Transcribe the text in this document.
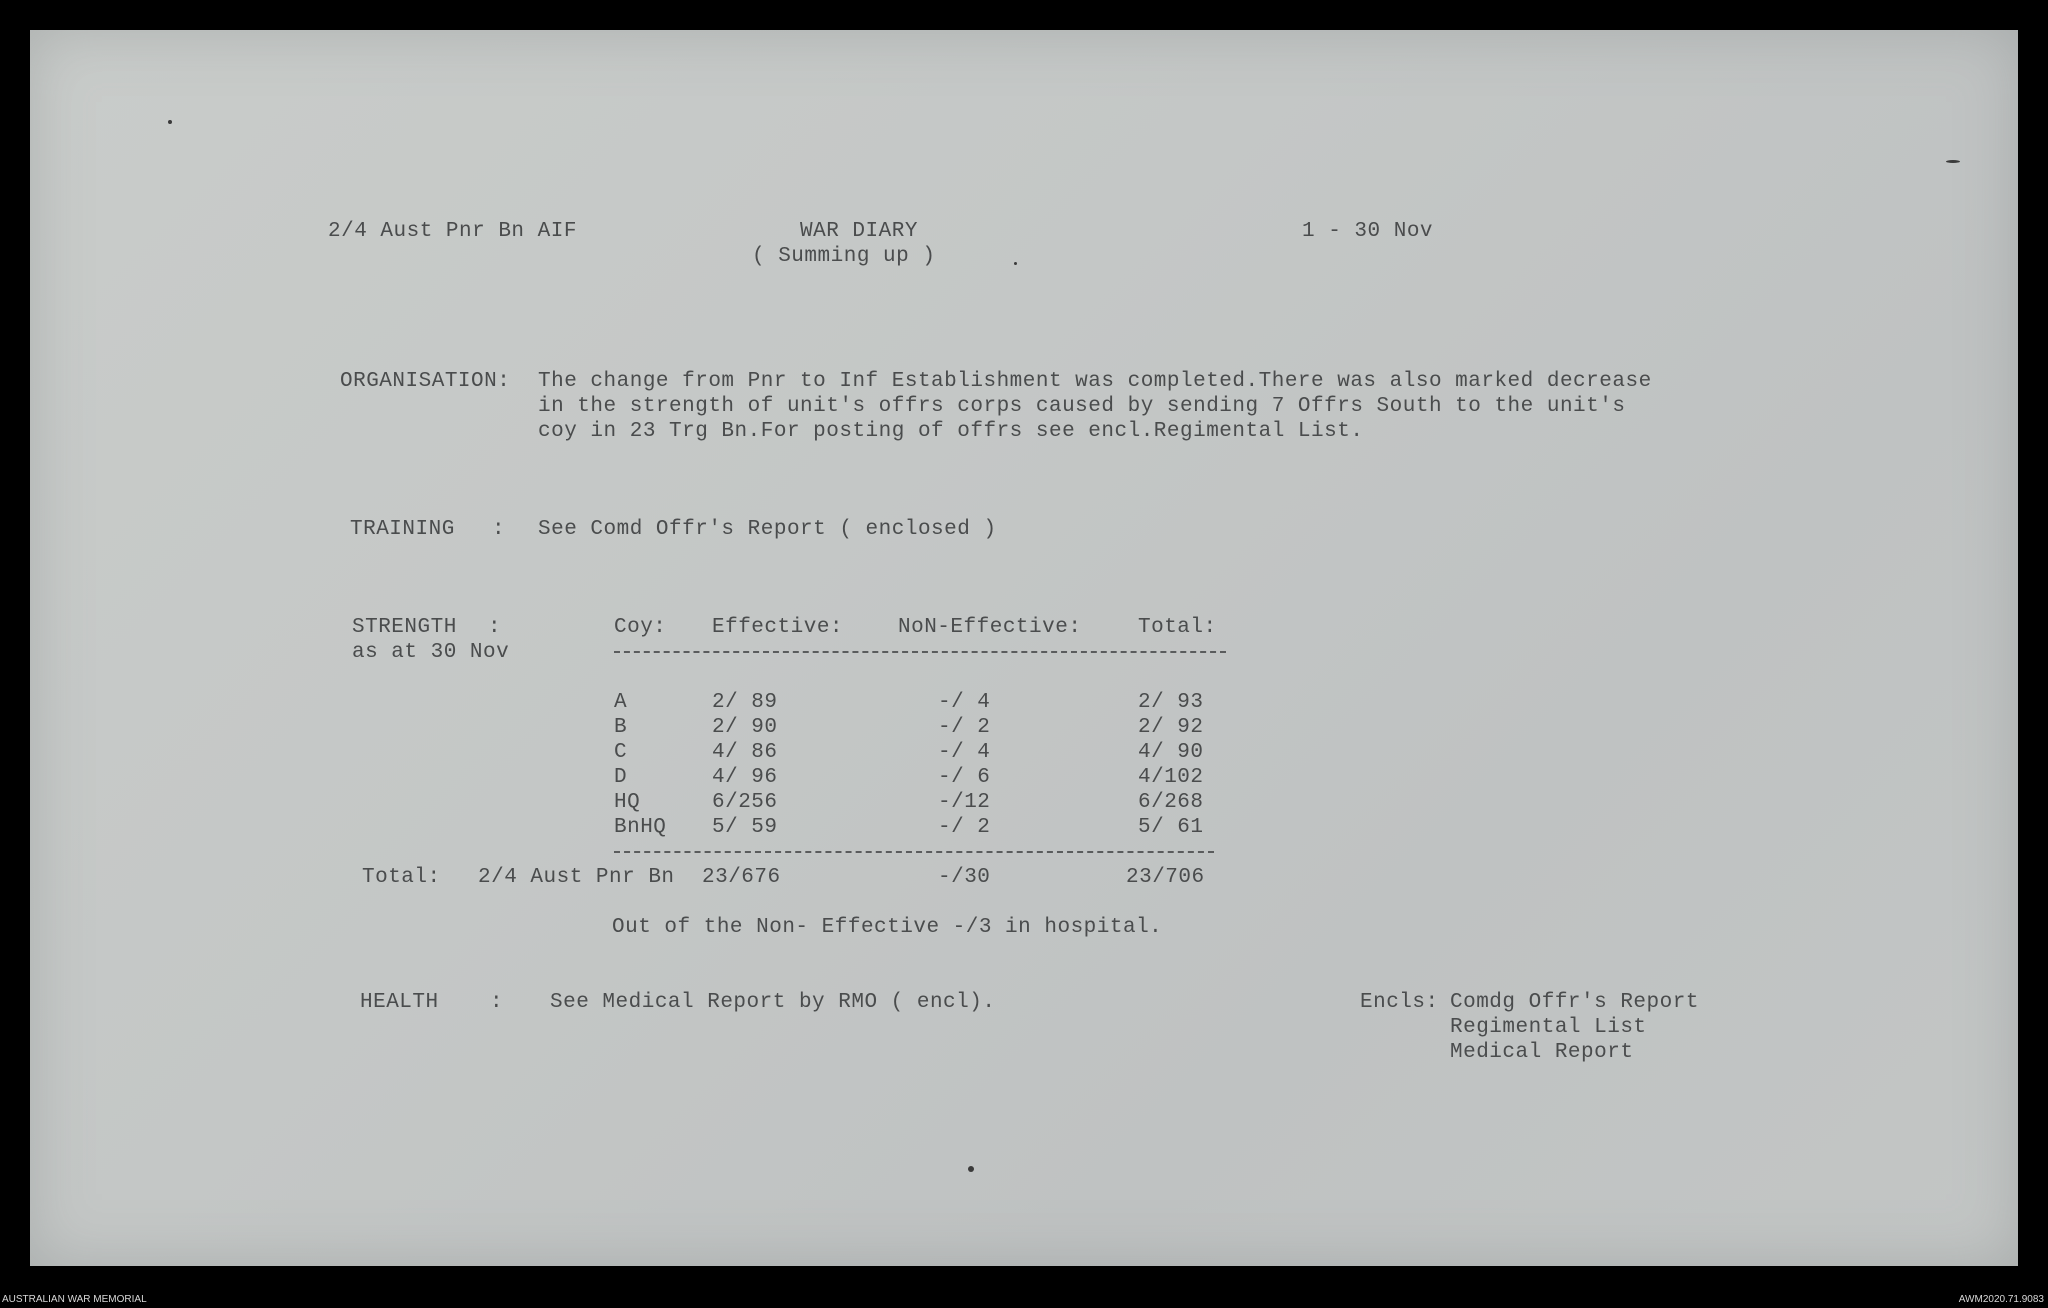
2/4 Aust Pnr Bn AIF	WAR DIARY
( Summing up )
1 - 30 Nov
ORGANISATION: The change from Pnr to Inf Establishment was completed.There was also marked decrease
in the strength of unit's offrs corps caused by sending 7 Offrs South to the unit's
coy in 23 Trg Bn.For posting of offrs see encl.Regimental List.
TRAINING : See Comd Offr's Report ( enclosed )
STRENGTH :
as at 30 Nov
Coy: Effective:	NoN-Effective:	Total:
A	2/ 89	-/ 4	2/ 93
B	2/ 90	-/ 2	2/ 92
C	4/ 86	-/ 4	4/ 90
D	4/ 96	-/ 6	4/102
HQ	6/256	-/12	6/268
BnHQ 5/ 59	-/ 2	5/ 61
Total: 2/4 Aust Pnr Bn 23/676	-/30	23/706
Out of the Non- Effective -/3 in hospital.
HEALTH : See Medical Report by RMO ( encl).	Encls: Comdg Offr's Report
Regimental List
Medical Report
AUSTRALIAN WAR MEMORIAL	AWM2020.71.9083
